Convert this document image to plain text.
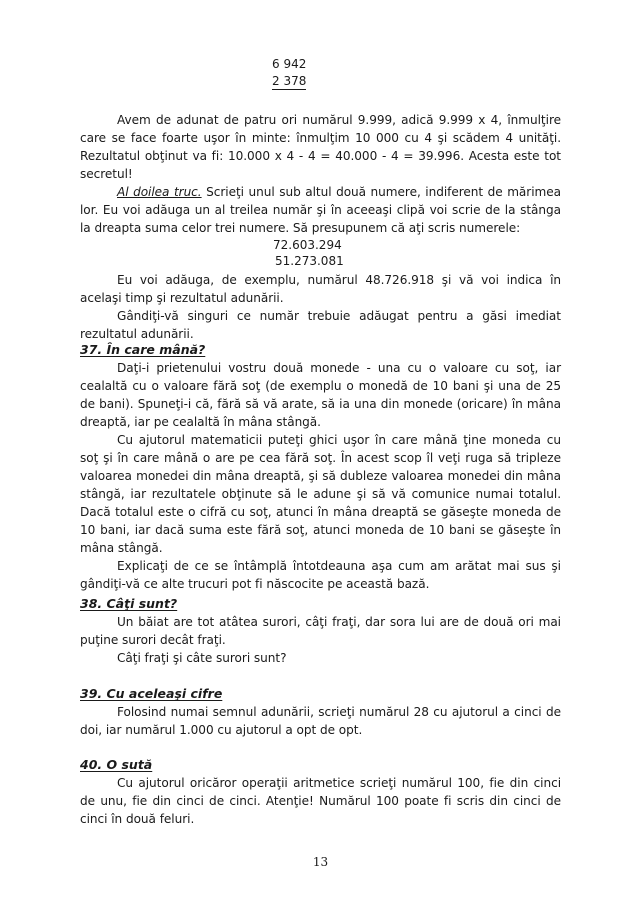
6 942
2 378

Avem de adunat de patru ori numărul 9.999, adică 9.999 x 4, înmulţire care se face foarte uşor în minte: înmulţim 10 000 cu 4 şi scădem 4 unităţi. Rezultatul obţinut va fi: 10.000 x 4 - 4 = 40.000 - 4 = 39.996. Acesta este tot secretul!

Al doilea truc. Scrieţi unul sub altul două numere, indiferent de mărimea lor. Eu voi adăuga un al treilea număr şi în aceeaşi clipă voi scrie de la stânga la dreapta suma celor trei numere. Să presupunem că aţi scris numerele:

72.603.294

51.273.081

Eu voi adăuga, de exemplu, numărul 48.726.918 şi vă voi indica în acelaşi timp şi rezultatul adunării.

Gândiţi-vă singuri ce număr trebuie adăugat pentru a găsi imediat rezultatul adunării.

37. În care mână?

Daţi-i prietenului vostru două monede - una cu o valoare cu soţ, iar cealaltă cu o valoare fără soţ (de exemplu o monedă de 10 bani şi una de 25 de bani). Spuneţi-i că, fără să vă arate, să ia una din monede (oricare) în mâna dreaptă, iar pe cealaltă în mâna stângă.

Cu ajutorul matematicii puteţi ghici uşor în care mână ţine moneda cu soţ şi în care mână o are pe cea fără soţ. În acest scop îl veţi ruga să tripleze valoarea monedei din mâna dreaptă, şi să dubleze valoarea monedei din mâna stângă, iar rezultatele obţinute să le adune şi să vă comunice numai totalul. Dacă totalul este o cifră cu soţ, atunci în mâna dreaptă se găseşte moneda de 10 bani, iar dacă suma este fără soţ, atunci moneda de 10 bani se găseşte în mâna stângă.

Explicaţi de ce se întâmplă întotdeauna aşa cum am arătat mai sus şi gândiţi-vă ce alte trucuri pot fi născocite pe această bază.

38. Câţi sunt?

Un băiat are tot atâtea surori, câţi fraţi, dar sora lui are de două ori mai puţine surori decât fraţi.

Câţi fraţi şi câte surori sunt?

39. Cu aceleaşi cifre

Folosind numai semnul adunării, scrieţi numărul 28 cu ajutorul a cinci de doi, iar numărul 1.000 cu ajutorul a opt de opt.

40. O sută

Cu ajutorul oricăror operaţii aritmetice scrieţi numărul 100, fie din cinci de unu, fie din cinci de cinci. Atenţie! Numărul 100 poate fi scris din cinci de cinci în două feluri.

13
